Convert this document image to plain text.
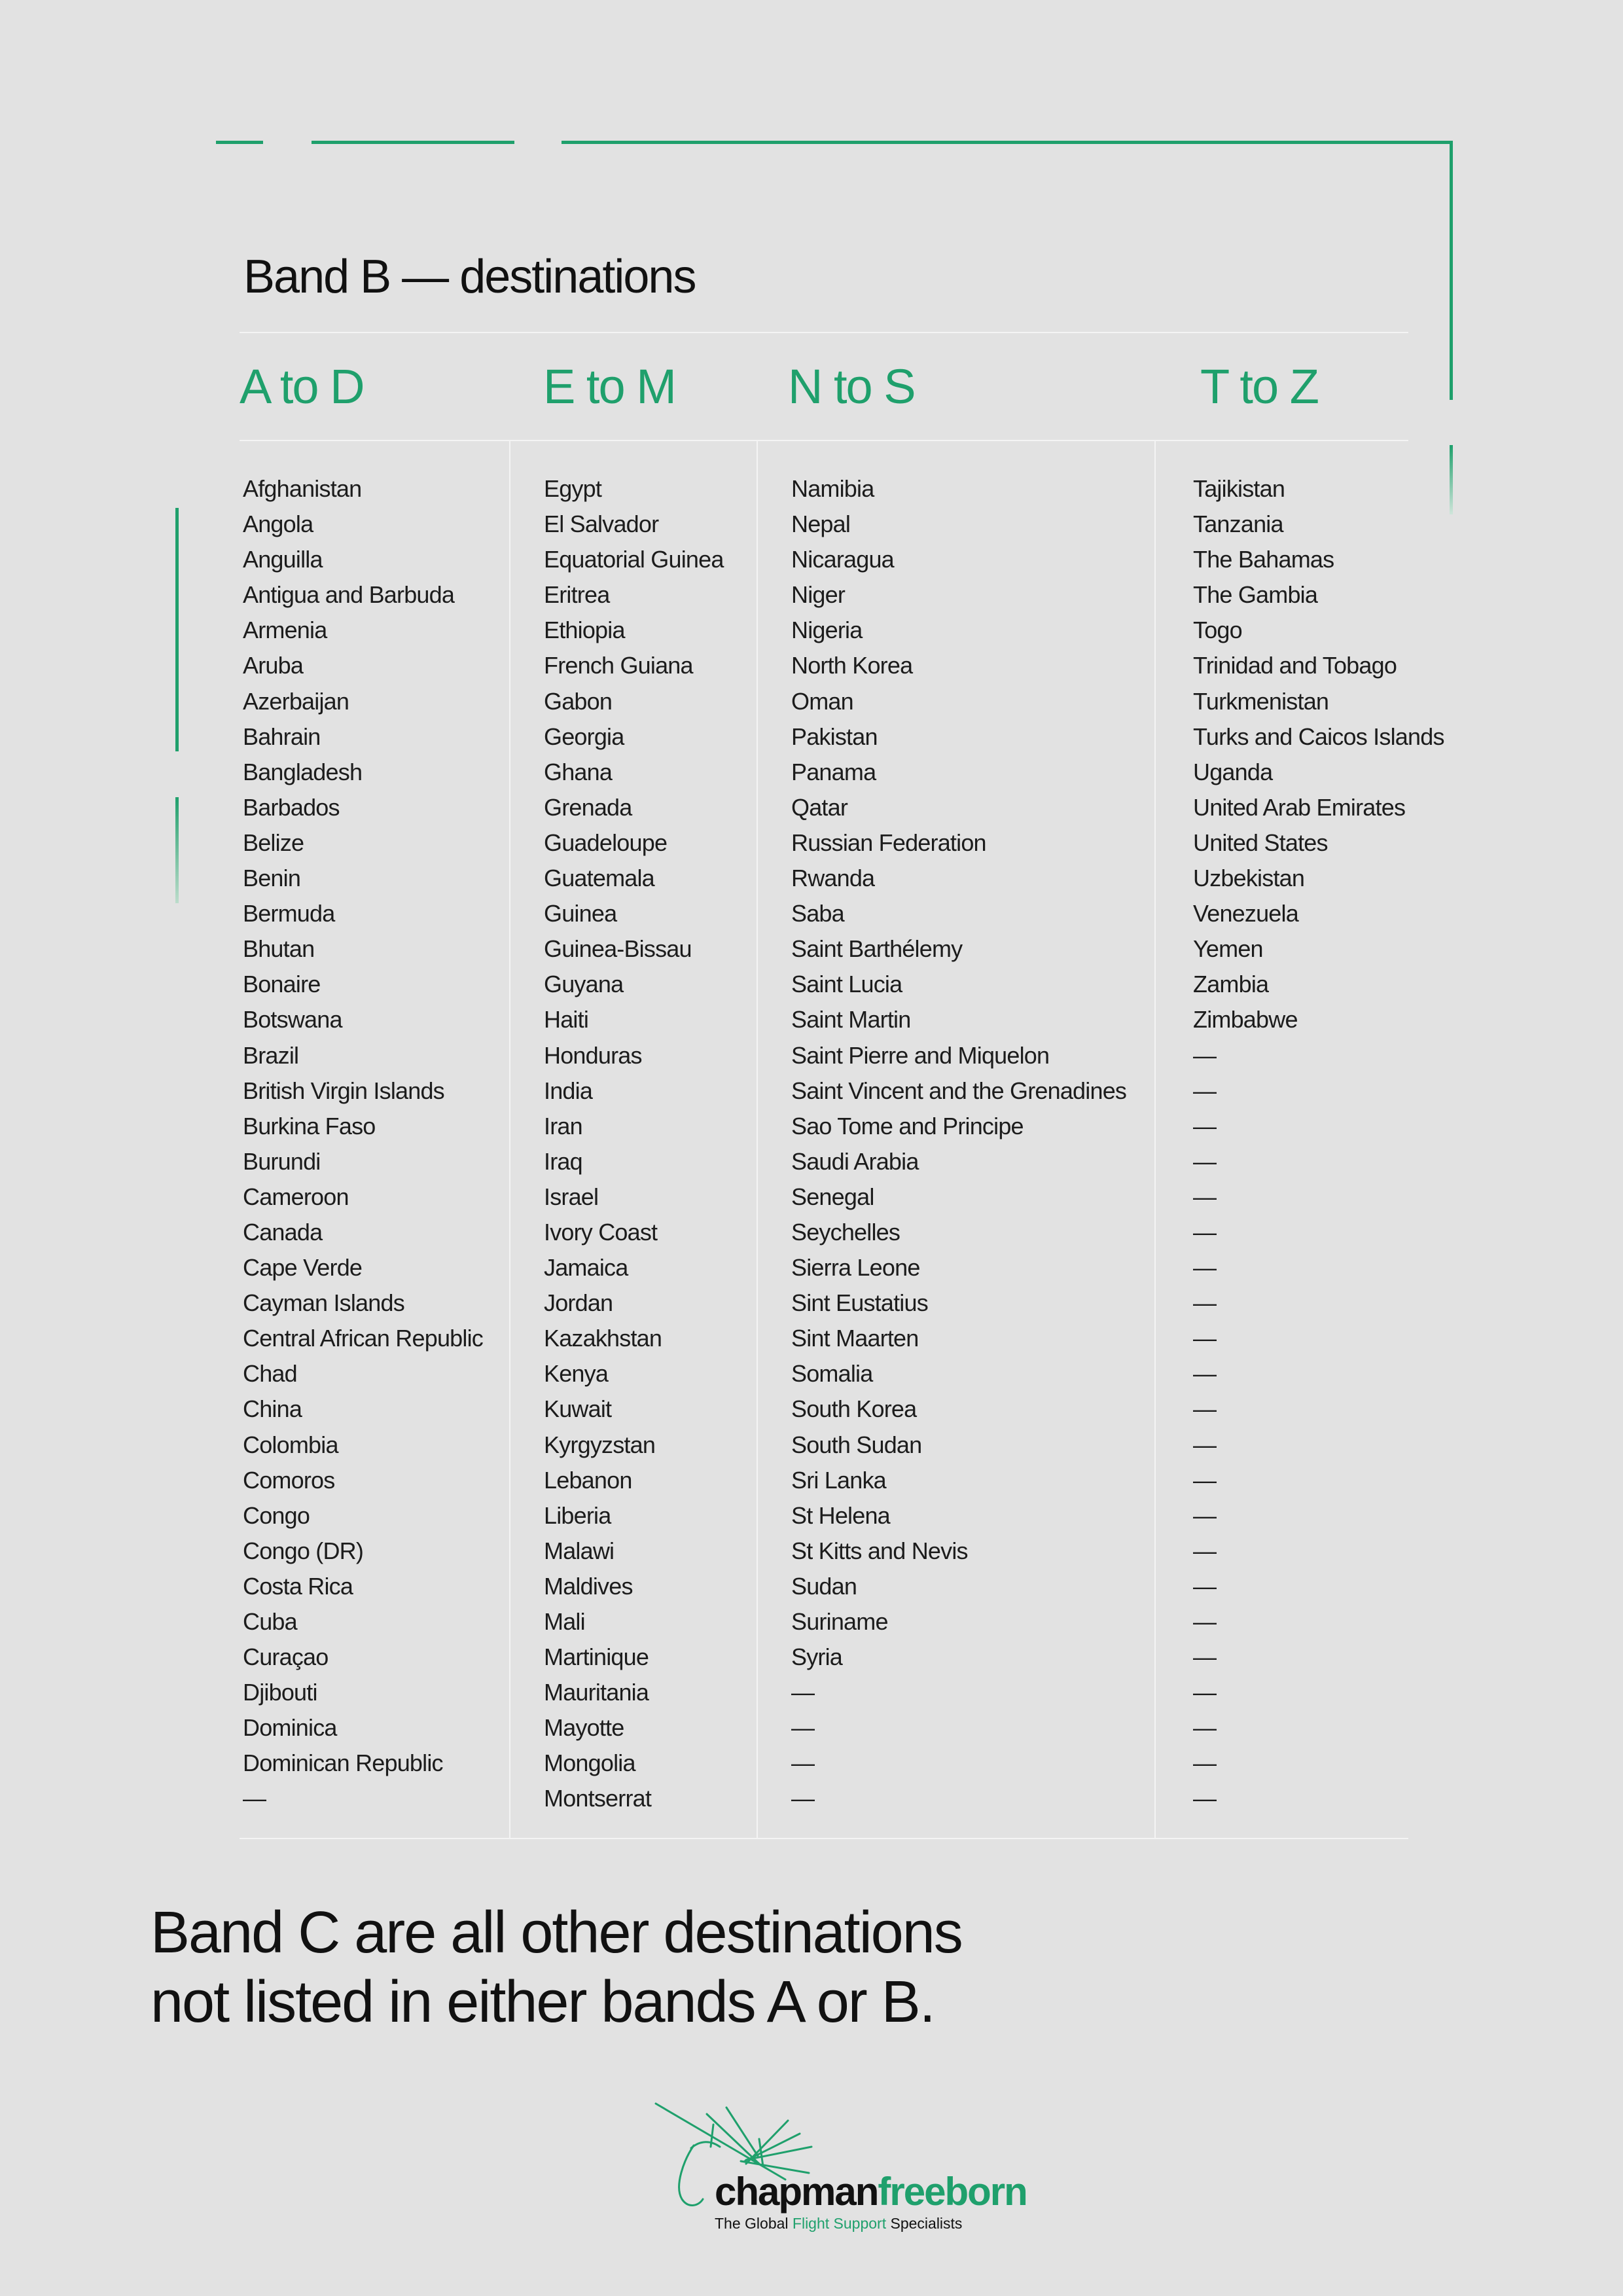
Band B — destinations
A to D	E to M N to S	T to Z
Afghanistan
Angola
Anguilla
Antigua and Barbuda
Armenia
Aruba
Azerbaijan
Bahrain
Bangladesh
Barbados
Belize
Benin
Bermuda
Bhutan
Bonaire
Botswana
Brazil
British Virgin Islands
Burkina Faso
Burundi
Cameroon
Canada
Cape Verde
Cayman Islands
Central African Republic
Chad
China
Colombia
Comoros
Congo
Congo (DR)
Costa Rica
Cuba
Curaçao
Djibouti
Dominica
Dominican Republic
—
Egypt
El Salvador
Equatorial Guinea
Eritrea
Ethiopia
French Guiana
Gabon
Georgia
Ghana
Grenada
Guadeloupe
Guatemala
Guinea
Guinea-Bissau
Guyana
Haiti
Honduras
India
Iran
Iraq
Israel
Ivory Coast
Jamaica
Jordan
Kazakhstan
Kenya
Kuwait
Kyrgyzstan
Lebanon
Liberia
Malawi
Maldives
Mali
Martinique
Mauritania
Mayotte
Mongolia
Montserrat
Namibia
Nepal
Nicaragua
Niger
Nigeria
North Korea
Oman
Pakistan
Panama
Qatar
Russian Federation
Rwanda
Saba
Saint Barthélemy
Saint Lucia
Saint Martin
Saint Pierre and Miquelon
Saint Vincent and the Grenadines
Sao Tome and Principe
Saudi Arabia
Senegal
Seychelles
Sierra Leone
Sint Eustatius
Sint Maarten
Somalia
South Korea
South Sudan
Sri Lanka
St Helena
St Kitts and Nevis
Sudan
Suriname
Syria
—
—
—
—
Tajikistan
Tanzania
The Bahamas
The Gambia
Togo
Trinidad and Tobago
Turkmenistan
Turks and Caicos Islands
Uganda
United Arab Emirates
United States
Uzbekistan
Venezuela
Yemen
Zambia
Zimbabwe
—
—
—
—
—
—
—
—
—
—
—
—
—
—
—
—
—
—
—
—
—
—

Band C are all other destinations
not listed in either bands A or B.

chapmanfreeborn
The Global Flight Support Specialists
